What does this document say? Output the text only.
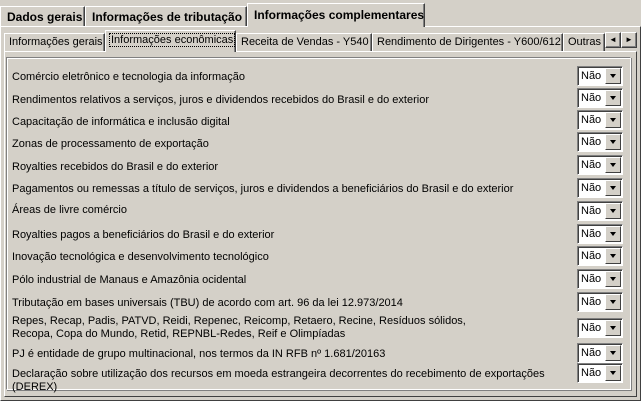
Dados gerais Informações de tributação Informações complementares
Informações gerais Informações econômicas Receita de Vendas - Y540 Rendimento de Dirigentes - Y600/612 Outras	◄	►
Comércio eletrônico e tecnologia da informação	Não
Rendimentos relativos a serviços, juros e dividendos recebidos do Brasil e do exterior	Não
Capacitação de informática e inclusão digital	Não
Zonas de processamento de exportação	Não
Royalties recebidos do Brasil e do exterior	Não
Pagamentos ou remessas a título de serviços, juros e dividendos a beneficiários do Brasil e do exterior	Não
Áreas de livre comércio	Não
Royalties pagos a beneficiários do Brasil e do exterior	Não
Inovação tecnológica e desenvolvimento tecnológico	Não
Pólo industrial de Manaus e Amazônia ocidental	Não
Tributação em bases universais (TBU) de acordo com art. 96 da lei 12.973/2014	Não
Repes, Recap, Padis, PATVD, Reidi, Repenec, Reicomp, Retaero, Recine, Resíduos sólidos,
Recopa, Copa do Mundo, Retid, REPNBL-Redes, Reif e Olimpíadas	Não
PJ é entidade de grupo multinacional, nos termos da IN RFB nº 1.681/20163	Não
Declaração sobre utilização dos recursos em moeda estrangeira decorrentes do recebimento de exportações (DEREX)
Não
